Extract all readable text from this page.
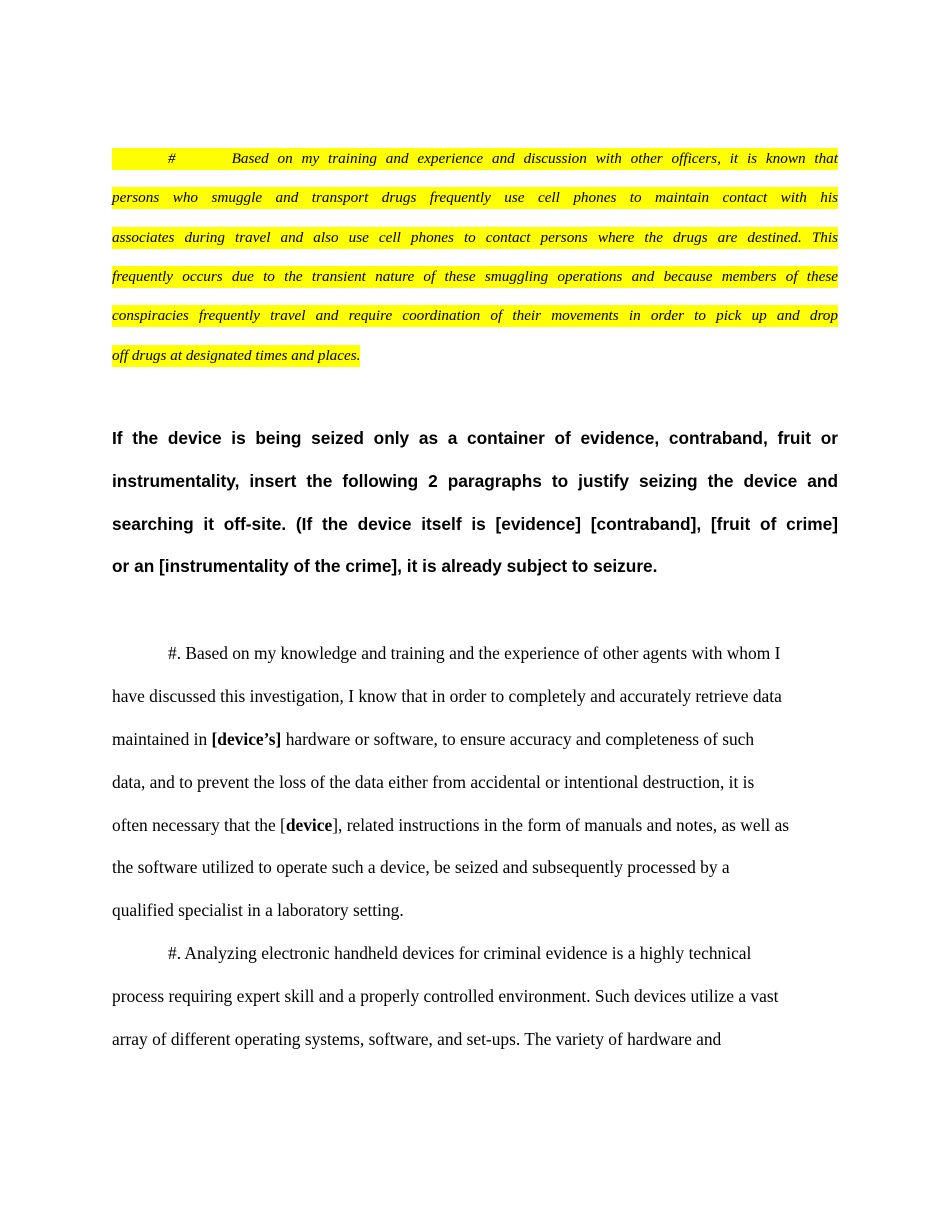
#	Based on my training and experience and discussion with other officers, it is known that
persons who smuggle and transport drugs frequently use cell phones to maintain contact with his
associates during travel and also use cell phones to contact persons where the drugs are destined. This
frequently occurs due to the transient nature of these smuggling operations and because members of these
conspiracies frequently travel and require coordination of their movements in order to pick up and drop
off drugs at designated times and places.
If the device is being seized only as a container of evidence, contraband, fruit or
instrumentality, insert the following 2 paragraphs to justify seizing the device and
searching it off-site. (If the device itself is [evidence] [contraband], [fruit of crime]
or an [instrumentality of the crime], it is already subject to seizure.
#. Based on my knowledge and training and the experience of other agents with whom I
have discussed this investigation, I know that in order to completely and accurately retrieve data
maintained in [device’s] hardware or software, to ensure accuracy and completeness of such
data, and to prevent the loss of the data either from accidental or intentional destruction, it is
often necessary that the [device], related instructions in the form of manuals and notes, as well as
the software utilized to operate such a device, be seized and subsequently processed by a
qualified specialist in a laboratory setting.
#. Analyzing electronic handheld devices for criminal evidence is a highly technical
process requiring expert skill and a properly controlled environment. Such devices utilize a vast
array of different operating systems, software, and set-ups. The variety of hardware and
